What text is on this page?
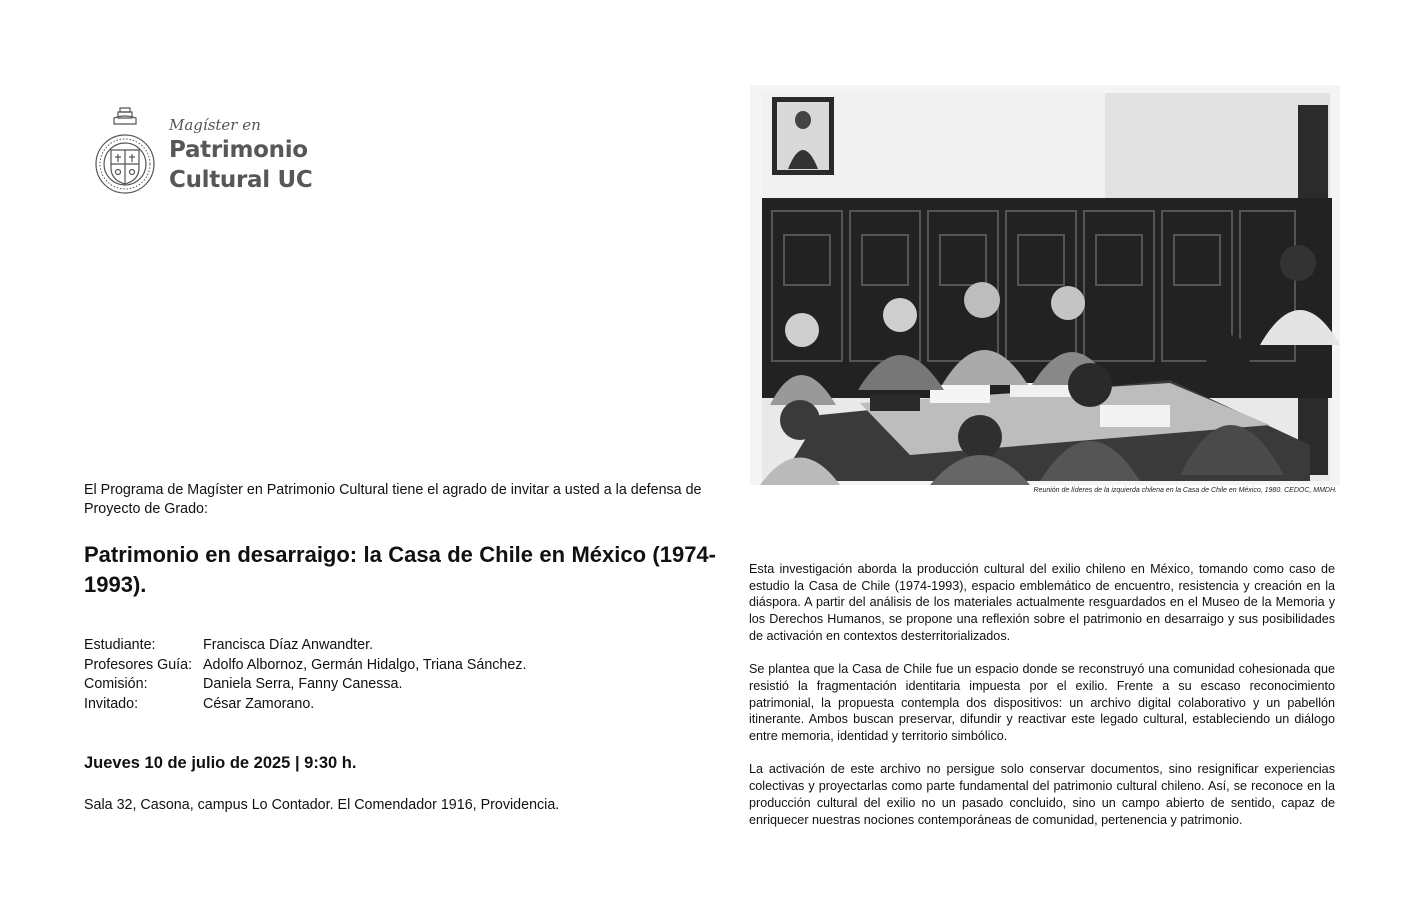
Magíster en
Patrimonio
Cultural UC
Reunión de líderes de la izquierda chilena en la Casa de Chile en México, 1980. CEDOC, MMDH.
El Programa de Magíster en Patrimonio Cultural tiene el agrado de invitar a usted a la defensa de Proyecto de Grado:
Patrimonio en desarraigo: la Casa de Chile en México (1974-1993).
Estudiante:	Francisca Díaz Anwandter.
Profesores Guía: Adolfo Albornoz, Germán Hidalgo, Triana Sánchez.
Comisión:	Daniela Serra, Fanny Canessa.
Invitado:	César Zamorano.
Jueves 10 de julio de 2025 | 9:30 h.
Sala 32, Casona, campus Lo Contador. El Comendador 1916, Providencia.

Esta investigación aborda la producción cultural del exilio chileno en México, tomando como caso de estudio la Casa de Chile (1974-1993), espacio emblemático de encuentro, resistencia y creación en la diáspora. A partir del análisis de los materiales actualmente resguardados en el Museo de la Memoria y los Derechos Humanos, se propone una reflexión sobre el patrimonio en desarraigo y sus posibilidades de activación en contextos desterritorializados.

Se plantea que la Casa de Chile fue un espacio donde se reconstruyó una comunidad cohesionada que resistió la fragmentación identitaria impuesta por el exilio. Frente a su escaso reconocimiento patrimonial, la propuesta contempla dos dispositivos: un archivo digital colaborativo y un pabellón itinerante. Ambos buscan preservar, difundir y reactivar este legado cultural, estableciendo un diálogo entre memoria, identidad y territorio simbólico.

La activación de este archivo no persigue solo conservar documentos, sino resignificar experiencias colectivas y proyectarlas como parte fundamental del patrimonio cultural chileno. Así, se reconoce en la producción cultural del exilio no un pasado concluido, sino un campo abierto de sentido, capaz de enriquecer nuestras nociones contemporáneas de comunidad, pertenencia y patrimonio.
